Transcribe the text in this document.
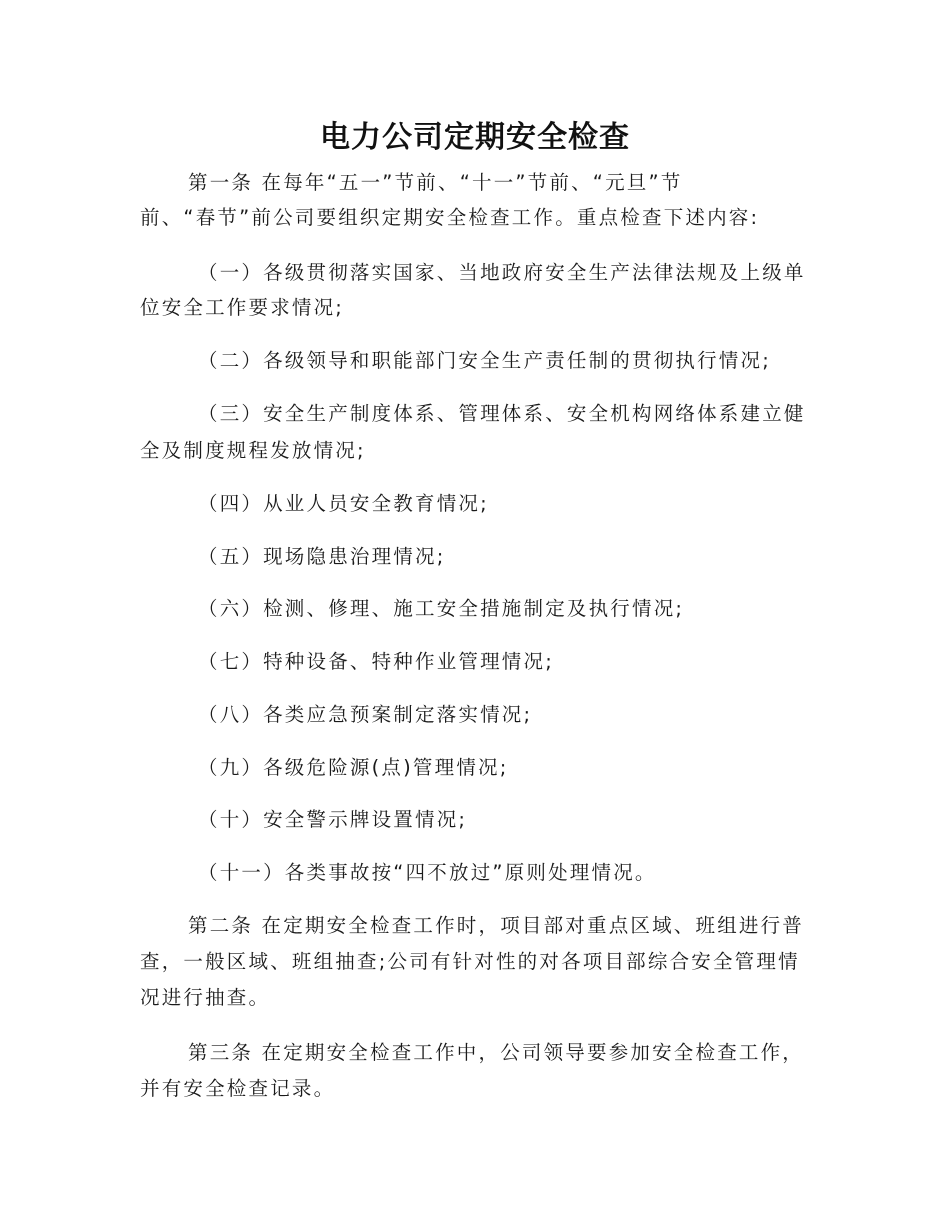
电力公司定期安全检查
第一条 在每年“五一”节前、“十一”节前、“元旦”节
前、“春节”前公司要组织定期安全检查工作。重点检查下述内容:
（一）各级贯彻落实国家、当地政府安全生产法律法规及上级单
位安全工作要求情况;
（二）各级领导和职能部门安全生产责任制的贯彻执行情况;
（三）安全生产制度体系、管理体系、安全机构网络体系建立健
全及制度规程发放情况;
（四）从业人员安全教育情况;
（五）现场隐患治理情况;
（六）检测、修理、施工安全措施制定及执行情况;
（七）特种设备、特种作业管理情况;
（八）各类应急预案制定落实情况;
（九）各级危险源(点)管理情况;
（十）安全警示牌设置情况;
（十一）各类事故按“四不放过”原则处理情况。
第二条 在定期安全检查工作时，项目部对重点区域、班组进行普
查，一般区域、班组抽查;公司有针对性的对各项目部综合安全管理情
况进行抽查。
第三条 在定期安全检查工作中，公司领导要参加安全检查工作，
并有安全检查记录。
